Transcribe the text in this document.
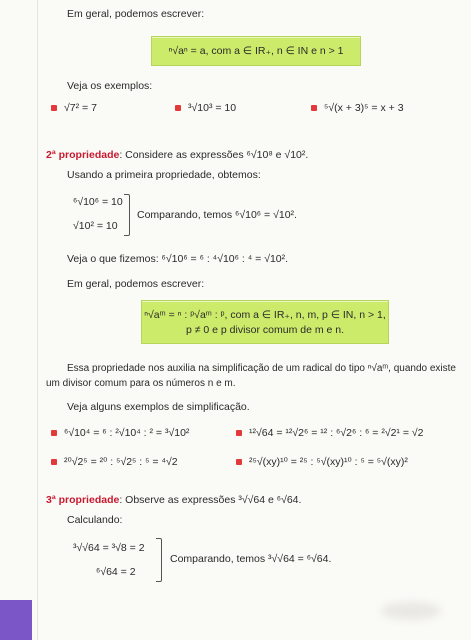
Em geral, podemos escrever:
ⁿ√aⁿ = a, com a ∈ IR₊, n ∈ IN e n > 1
Veja os exemplos:
√7² = 7	³√10³ = 10	⁵√(x + 3)⁵ = x + 3
2ª propriedade: Considere as expressões ⁶√10⁸ e √10².
Usando a primeira propriedade, obtemos:
⁶√10⁶ = 10
√10² = 10
Comparando, temos ⁶√10⁶ = √10².
Veja o que fizemos: ⁶√10⁶ = ⁶ : ⁴√10⁶ : ⁴ = √10².
Em geral, podemos escrever:
ⁿ√aᵐ = ⁿ : ᵖ√aᵐ : ᵖ, com a ∈ IR₊, n, m, p ∈ IN, n > 1,
p ≠ 0 e p divisor comum de m e n.
Essa propriedade nos auxilia na simplificação de um radical do tipo ⁿ√aᵐ, quando existe
um divisor comum para os números n e m.
Veja alguns exemplos de simplificação.
⁶√10⁴ = ⁶ : ²√10⁴ : ² = ³√10²	¹²√64 = ¹²√2⁶ = ¹² : ⁶√2⁶ : ⁶ = ²√2¹ = √2
²⁰√2⁵ = ²⁰ : ⁵√2⁵ : ⁵ = ⁴√2	²⁵√(xy)¹⁰ = ²⁵ : ⁵√(xy)¹⁰ : ⁵ = ⁵√(xy)²
3ª propriedade: Observe as expressões ³√√64 e ⁶√64.
Calculando:
³√√64 = ³√8 = 2
⁶√64 = 2
Comparando, temos ³√√64 = ⁶√64.
